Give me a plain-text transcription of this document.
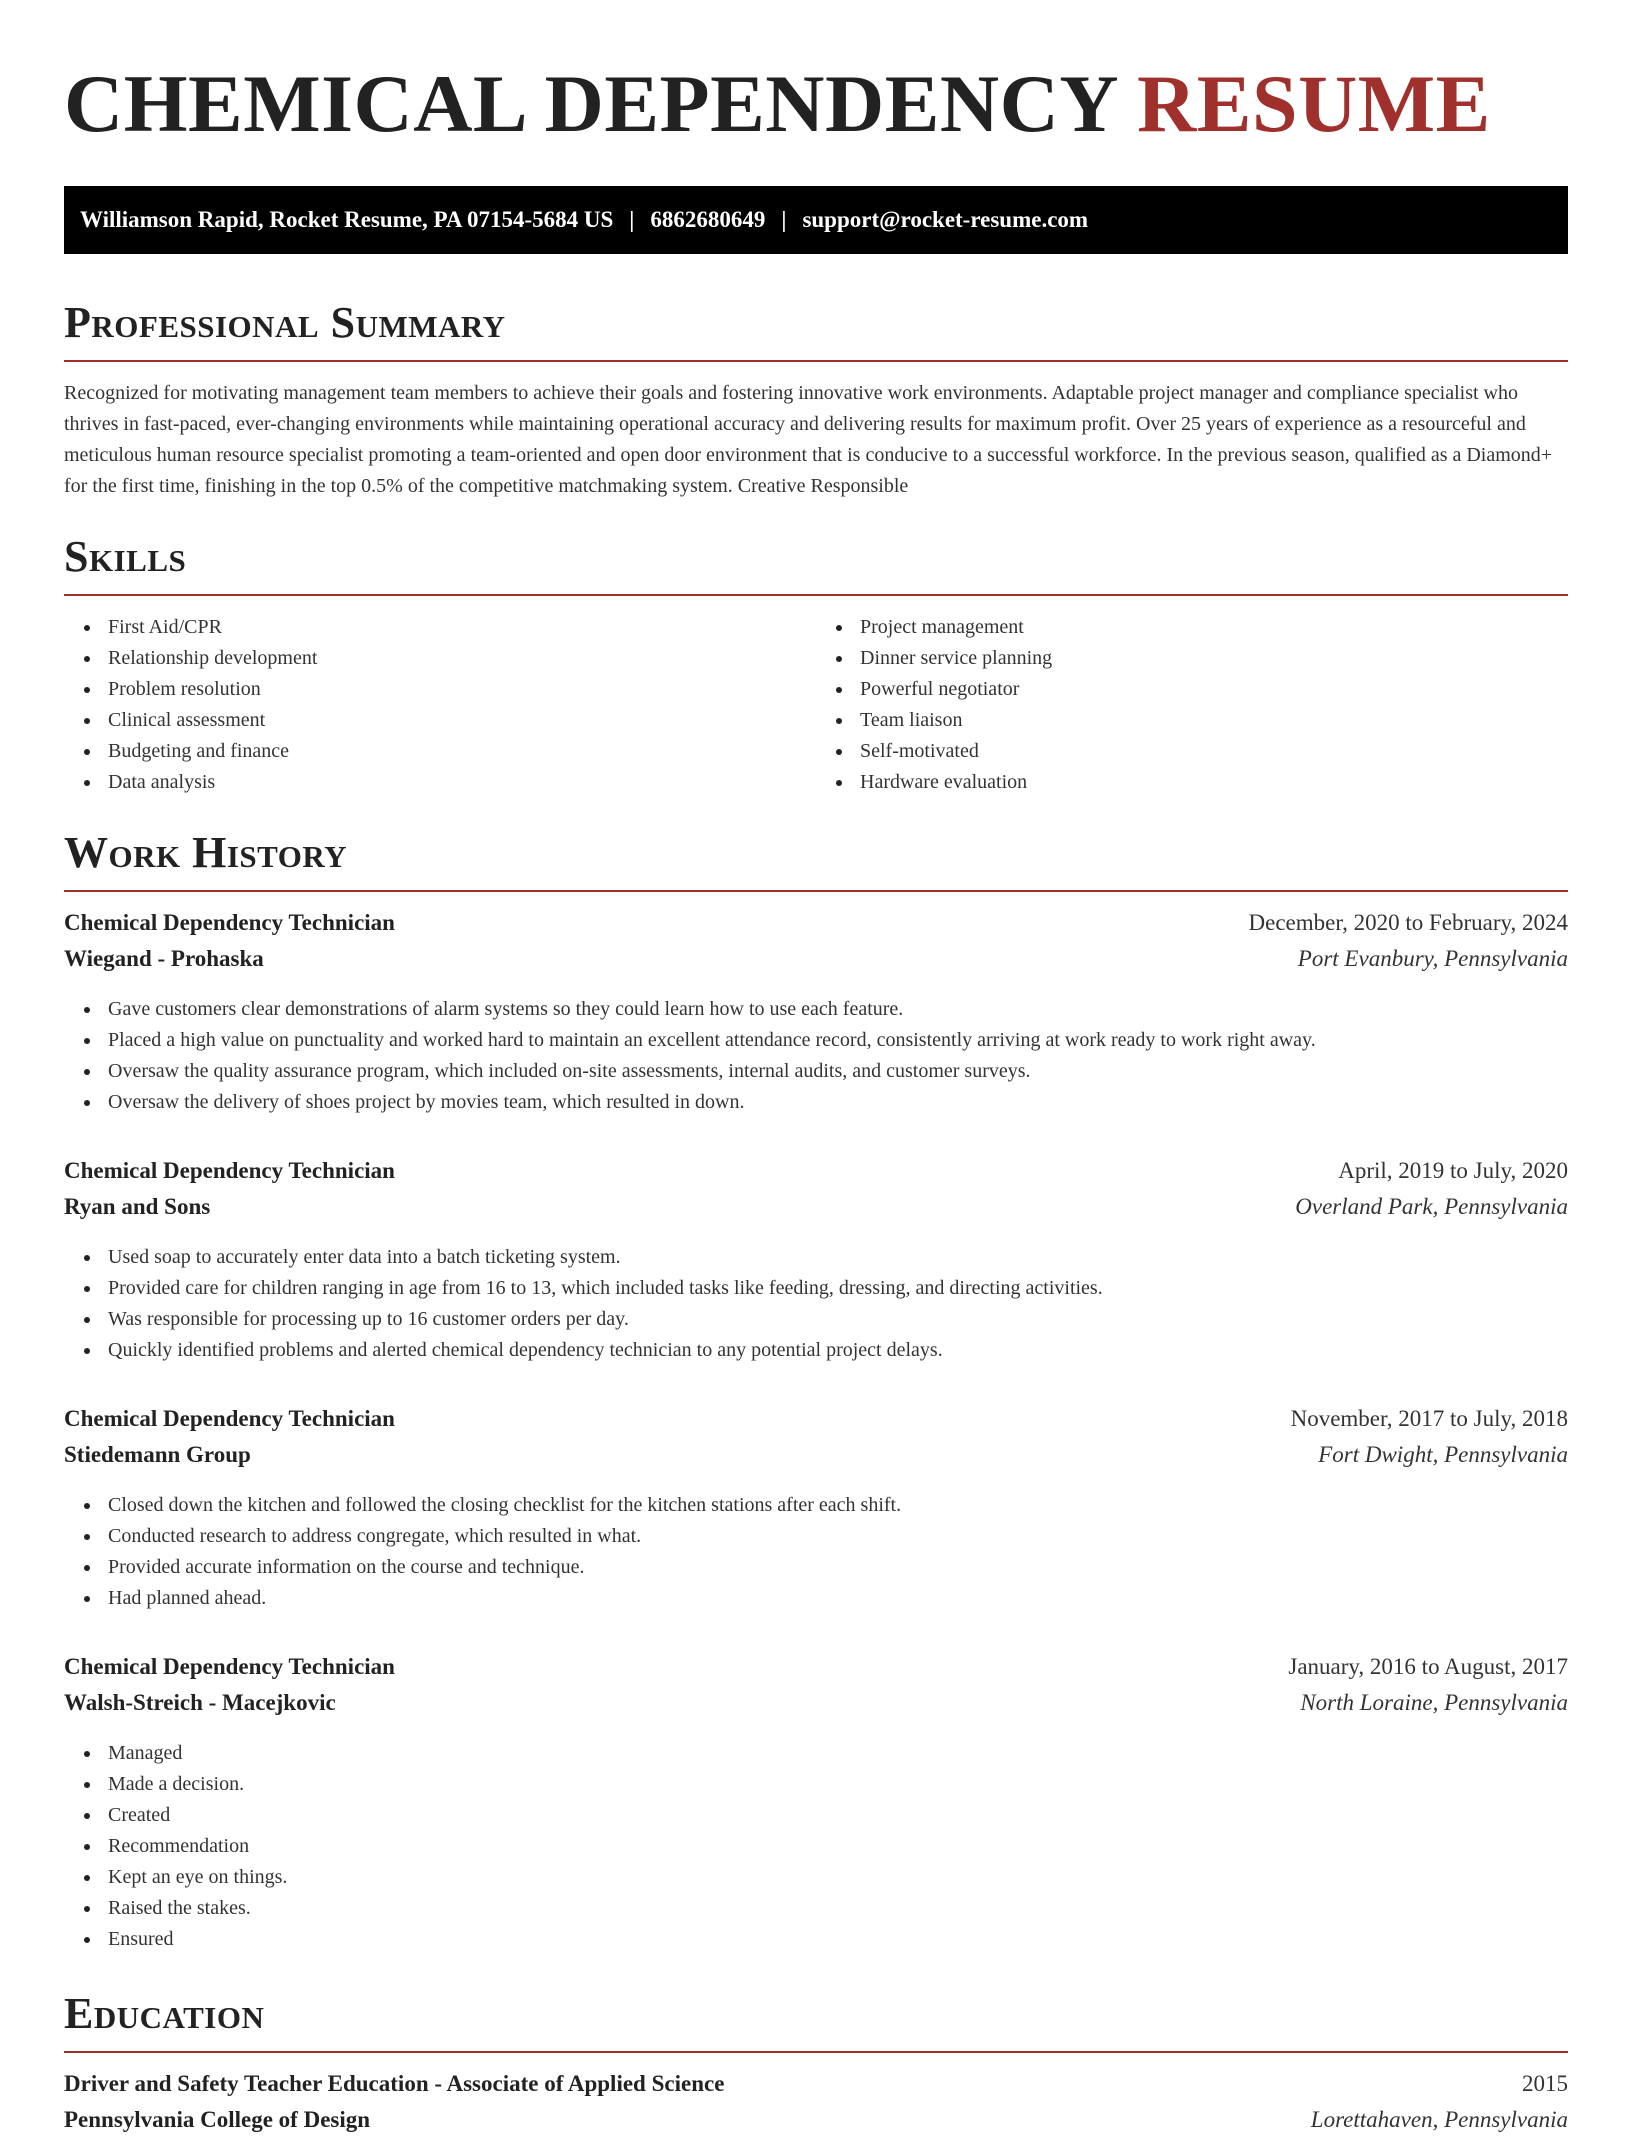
CHEMICAL DEPENDENCY RESUME
Williamson Rapid, Rocket Resume, PA 07154-5684 US | 6862680649 | support@rocket-resume.com
Professional Summary

Recognized for motivating management team members to achieve their goals and fostering innovative work environments. Adaptable project manager and compliance specialist who thrives in fast-paced, ever-changing environments while maintaining operational accuracy and delivering results for maximum profit. Over 25 years of experience as a resourceful and meticulous human resource specialist promoting a team-oriented and open door environment that is conducive to a successful workforce. In the previous season, qualified as a Diamond+ for the first time, finishing in the top 0.5% of the competitive matchmaking system. Creative Responsible

Skills
First Aid/CPR
Relationship development
Problem resolution
Clinical assessment
Budgeting and finance
Data analysis
Project management
Dinner service planning
Powerful negotiator
Team liaison
Self-motivated
Hardware evaluation
Work History
Chemical Dependency Technician	December, 2020 to February, 2024
Wiegand - Prohaska	Port Evanbury, Pennsylvania
Gave customers clear demonstrations of alarm systems so they could learn how to use each feature.
Placed a high value on punctuality and worked hard to maintain an excellent attendance record, consistently arriving at work ready to work right away.
Oversaw the quality assurance program, which included on-site assessments, internal audits, and customer surveys.
Oversaw the delivery of shoes project by movies team, which resulted in down.
Chemical Dependency Technician	April, 2019 to July, 2020
Ryan and Sons	Overland Park, Pennsylvania
Used soap to accurately enter data into a batch ticketing system.
Provided care for children ranging in age from 16 to 13, which included tasks like feeding, dressing, and directing activities.
Was responsible for processing up to 16 customer orders per day.
Quickly identified problems and alerted chemical dependency technician to any potential project delays.
Chemical Dependency Technician	November, 2017 to July, 2018
Stiedemann Group	Fort Dwight, Pennsylvania
Closed down the kitchen and followed the closing checklist for the kitchen stations after each shift.
Conducted research to address congregate, which resulted in what.
Provided accurate information on the course and technique.
Had planned ahead.
Chemical Dependency Technician	January, 2016 to August, 2017
Walsh-Streich - Macejkovic	North Loraine, Pennsylvania
Managed
Made a decision.
Created
Recommendation
Kept an eye on things.
Raised the stakes.
Ensured
Education
Driver and Safety Teacher Education - Associate of Applied Science	2015
Pennsylvania College of Design	Lorettahaven, Pennsylvania
